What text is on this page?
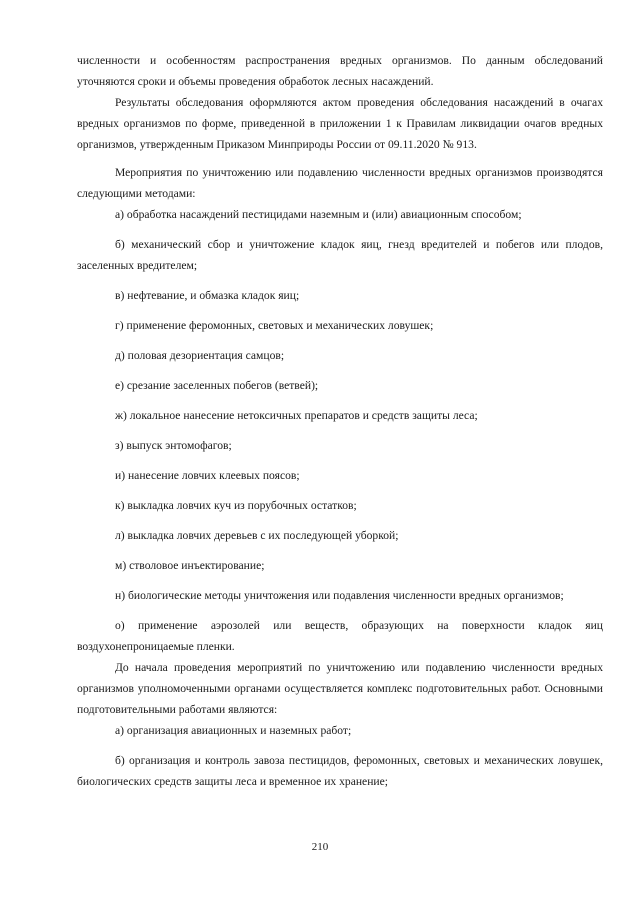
численности и особенностям распространения вредных организмов. По данным обследований уточняются сроки и объемы проведения обработок лесных насаждений.

Результаты обследования оформляются актом проведения обследования насаждений в очагах вредных организмов по форме, приведенной в приложении 1 к Правилам ликвидации очагов вредных организмов, утвержденным Приказом Минприроды России от 09.11.2020 № 913.

Мероприятия по уничтожению или подавлению численности вредных организмов производятся следующими методами:

а) обработка насаждений пестицидами наземным и (или) авиационным способом;

б) механический сбор и уничтожение кладок яиц, гнезд вредителей и побегов или плодов, заселенных вредителем;

в) нефтевание, и обмазка кладок яиц;

г) применение феромонных, световых и механических ловушек;

д) половая дезориентация самцов;

е) срезание заселенных побегов (ветвей);

ж) локальное нанесение нетоксичных препаратов и средств защиты леса;

з) выпуск энтомофагов;

и) нанесение ловчих клеевых поясов;

к) выкладка ловчих куч из порубочных остатков;

л) выкладка ловчих деревьев с их последующей уборкой;

м) стволовое инъектирование;

н) биологические методы уничтожения или подавления численности вредных организмов;

о) применение аэрозолей или веществ, образующих на поверхности кладок яиц воздухонепроницаемые пленки.

До начала проведения мероприятий по уничтожению или подавлению численности вредных организмов уполномоченными органами осуществляется комплекс подготовительных работ. Основными подготовительными работами являются:

а) организация авиационных и наземных работ;

б) организация и контроль завоза пестицидов, феромонных, световых и механических ловушек, биологических средств защиты леса и временное их хранение;

210
